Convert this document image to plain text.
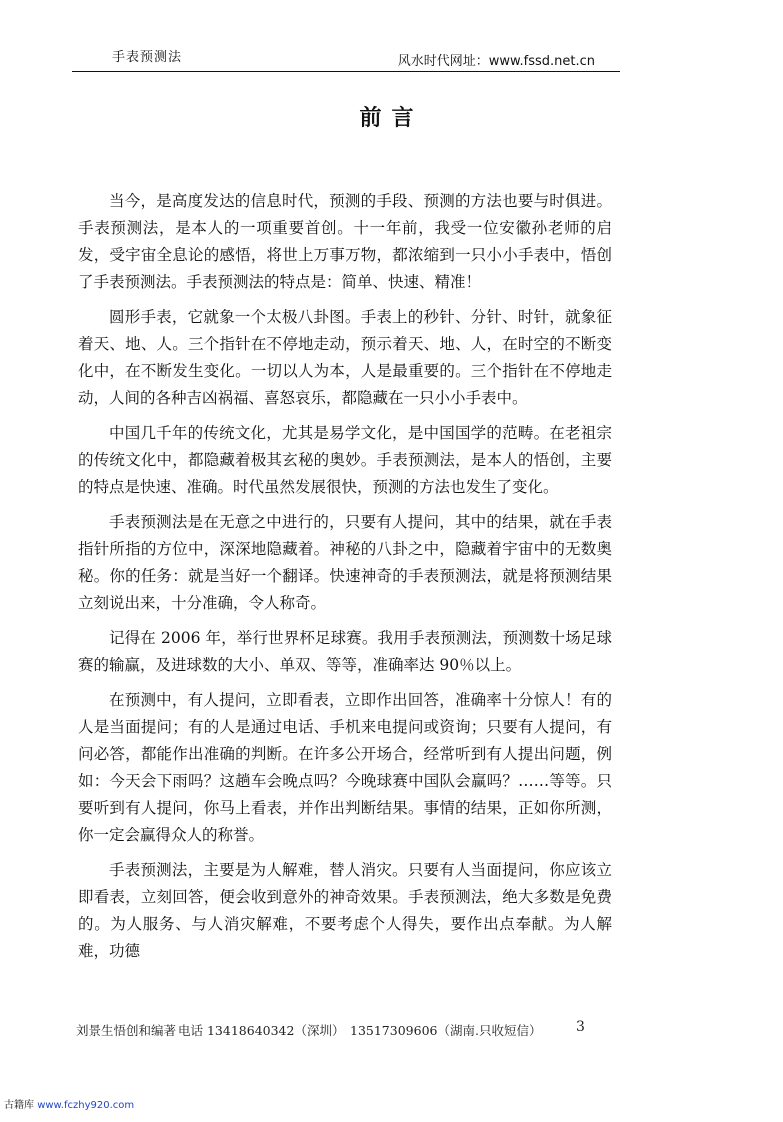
手表预测法	风水时代网址：www.fssd.net.cn
前言

当今，是高度发达的信息时代，预测的手段、预测的方法也要与时俱进。手表预测法，是本人的一项重要首创。十一年前，我受一位安徽孙老师的启发，受宇宙全息论的感悟，将世上万事万物，都浓缩到一只小小手表中，悟创了手表预测法。手表预测法的特点是：简单、快速、精准！

圆形手表，它就象一个太极八卦图。手表上的秒针、分针、时针，就象征着天、地、人。三个指针在不停地走动，预示着天、地、人，在时空的不断变化中，在不断发生变化。一切以人为本，人是最重要的。三个指针在不停地走动，人间的各种吉凶祸福、喜怒哀乐，都隐藏在一只小小手表中。

中国几千年的传统文化，尤其是易学文化，是中国国学的范畴。在老祖宗的传统文化中，都隐藏着极其玄秘的奥妙。手表预测法，是本人的悟创，主要的特点是快速、准确。时代虽然发展很快，预测的方法也发生了变化。

手表预测法是在无意之中进行的，只要有人提问，其中的结果，就在手表指针所指的方位中，深深地隐藏着。神秘的八卦之中，隐藏着宇宙中的无数奥秘。你的任务：就是当好一个翻译。快速神奇的手表预测法，就是将预测结果立刻说出来，十分准确，令人称奇。

记得在 2006 年，举行世界杯足球赛。我用手表预测法，预测数十场足球赛的输赢，及进球数的大小、单双、等等，准确率达 90％以上。

在预测中，有人提问，立即看表，立即作出回答，准确率十分惊人！有的人是当面提问；有的人是通过电话、手机来电提问或资询；只要有人提问，有问必答，都能作出准确的判断。在许多公开场合，经常听到有人提出问题，例如：今天会下雨吗？这趟车会晚点吗？今晚球赛中国队会赢吗？……等等。只要听到有人提问，你马上看表，并作出判断结果。事情的结果，正如你所测，你一定会赢得众人的称誉。

手表预测法，主要是为人解难，替人消灾。只要有人当面提问，你应该立即看表，立刻回答，便会收到意外的神奇效果。手表预测法，绝大多数是免费的。为人服务、与人消灾解难，不要考虑个人得失，要作出点奉献。为人解难，功德

刘景生悟创和编著 电话 13418640342（深圳） 13517309606（湖南.只收短信） 3
古籍库 www.fczhy920.com
